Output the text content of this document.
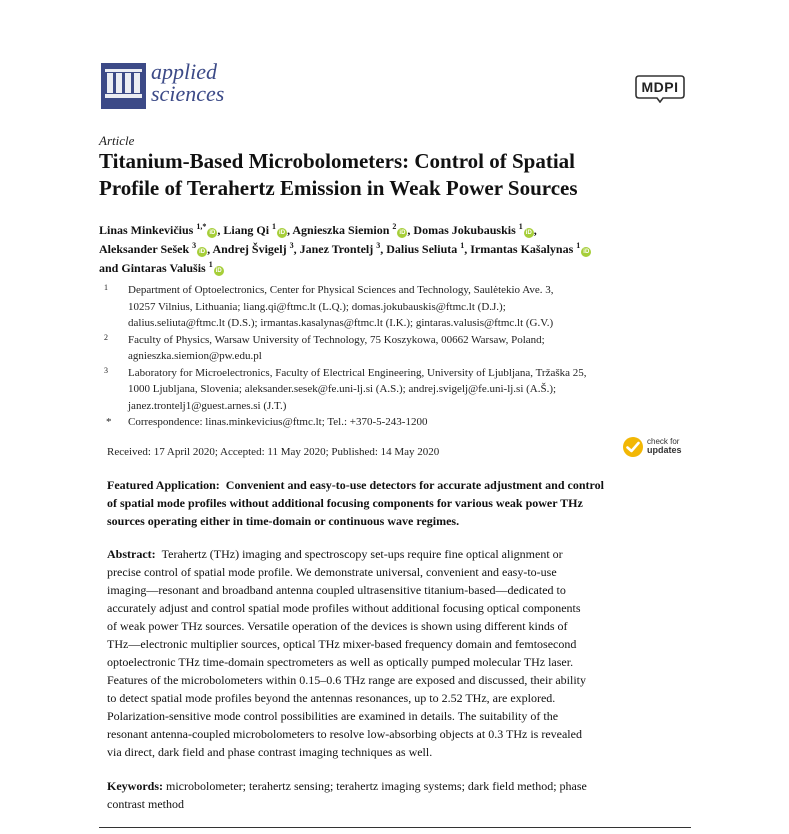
applied
sciences	MDPI
Article
Titanium-Based Microbolometers: Control of Spatial
Profile of Terahertz Emission in Weak Power Sources
Linas Minkevičius $^{1,*}$iD , Liang Qi $^1$iD , Agnieszka Siemion $^2$iD , Domas Jokubauskis $^1$iD ,
Aleksander Sešek $^3$iD , Andrej Švigelj $^3$, Janez Trontelj $^3$, Dalius Seliuta $^1$, Irmantas Kašalynas $^1$iD
and Gintaras Valušis $^1$iD
1 Department of Optoelectronics, Center for Physical Sciences and Technology, Saulėtekio Ave. 3,
10257 Vilnius, Lithuania; liang.qi@ftmc.lt (L.Q.); domas.jokubauskis@ftmc.lt (D.J.);
dalius.seliuta@ftmc.lt (D.S.); irmantas.kasalynas@ftmc.lt (I.K.); gintaras.valusis@ftmc.lt (G.V.)
2 Faculty of Physics, Warsaw University of Technology, 75 Koszykowa, 00662 Warsaw, Poland;
agnieszka.siemion@pw.edu.pl
3 Laboratory for Microelectronics, Faculty of Electrical Engineering, University of Ljubljana, Tržaška 25,
1000 Ljubljana, Slovenia; aleksander.sesek@fe.uni-lj.si (A.S.); andrej.svigelj@fe.uni-lj.si (A.Š.);
janez.trontelj1@guest.arnes.si (J.T.)
* Correspondence: linas.minkevicius@ftmc.lt; Tel.: +370-5-243-1200
Received: 17 April 2020; Accepted: 11 May 2020; Published: 14 May 2020
check for
updates
Featured Application: Convenient and easy-to-use detectors for accurate adjustment and control
of spatial mode profiles without additional focusing components for various weak power THz
sources operating either in time-domain or continuous wave regimes.
Abstract: Terahertz (THz) imaging and spectroscopy set-ups require fine optical alignment or
precise control of spatial mode profile. We demonstrate universal, convenient and easy-to-use
imaging—resonant and broadband antenna coupled ultrasensitive titanium-based—dedicated to
accurately adjust and control spatial mode profiles without additional focusing optical components
of weak power THz sources. Versatile operation of the devices is shown using different kinds of
THz—electronic multiplier sources, optical THz mixer-based frequency domain and femtosecond
optoelectronic THz time-domain spectrometers as well as optically pumped molecular THz laser.
Features of the microbolometers within 0.15–0.6 THz range are exposed and discussed, their ability
to detect spatial mode profiles beyond the antennas resonances, up to 2.52 THz, are explored.
Polarization-sensitive mode control possibilities are examined in details. The suitability of the
resonant antenna-coupled microbolometers to resolve low-absorbing objects at 0.3 THz is revealed
via direct, dark field and phase contrast imaging techniques as well.
Keywords: microbolometer; terahertz sensing; terahertz imaging systems; dark field method; phase
contrast method
